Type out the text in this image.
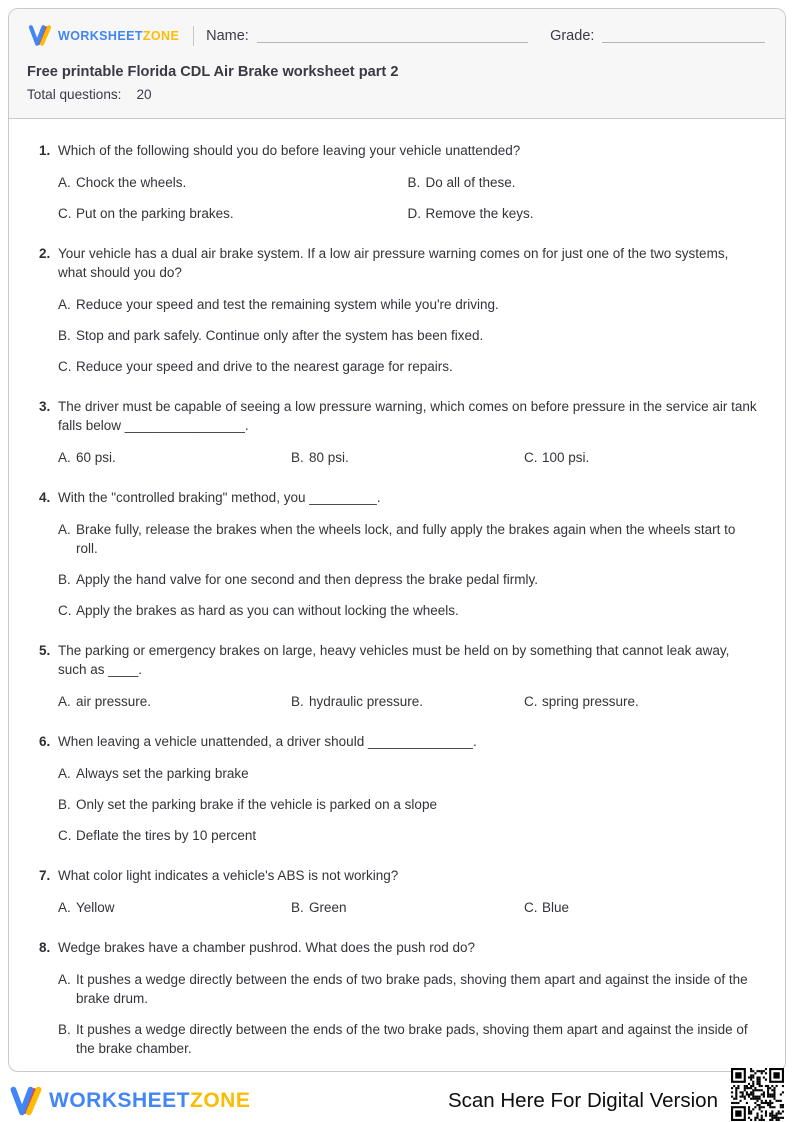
WORKSHEETZONE Name:	Grade:
Free printable Florida CDL Air Brake worksheet part 2
Total questions: 20
1. Which of the following should you do before leaving your vehicle unattended?
A. Chock the wheels.	B. Do all of these.
C. Put on the parking brakes.	D. Remove the keys.
2. Your vehicle has a dual air brake system. If a low air pressure warning comes on for just one of the two systems, what should you do?
A. Reduce your speed and test the remaining system while you're driving.
B. Stop and park safely. Continue only after the system has been fixed.
C. Reduce your speed and drive to the nearest garage for repairs.
3. The driver must be capable of seeing a low pressure warning, which comes on before pressure in the service air tank falls below ________________.
A. 60 psi.	B. 80 psi.	C. 100 psi.
4. With the "controlled braking" method, you _________.
A. Brake fully, release the brakes when the wheels lock, and fully apply the brakes again when the wheels start to roll.
B. Apply the hand valve for one second and then depress the brake pedal firmly.
C. Apply the brakes as hard as you can without locking the wheels.
5. The parking or emergency brakes on large, heavy vehicles must be held on by something that cannot leak away, such as ____.
A. air pressure.	B. hydraulic pressure.	C. spring pressure.
6. When leaving a vehicle unattended, a driver should ______________.
A. Always set the parking brake
B. Only set the parking brake if the vehicle is parked on a slope
C. Deflate the tires by 10 percent
7. What color light indicates a vehicle's ABS is not working?
A. Yellow	B. Green	C. Blue
8. Wedge brakes have a chamber pushrod. What does the push rod do?
A. It pushes a wedge directly between the ends of two brake pads, shoving them apart and against the inside of the brake drum.
B. It pushes a wedge directly between the ends of the two brake pads, shoving them apart and against the inside of the brake chamber.
WORKSHEETZONE	Scan Here For Digital Version
